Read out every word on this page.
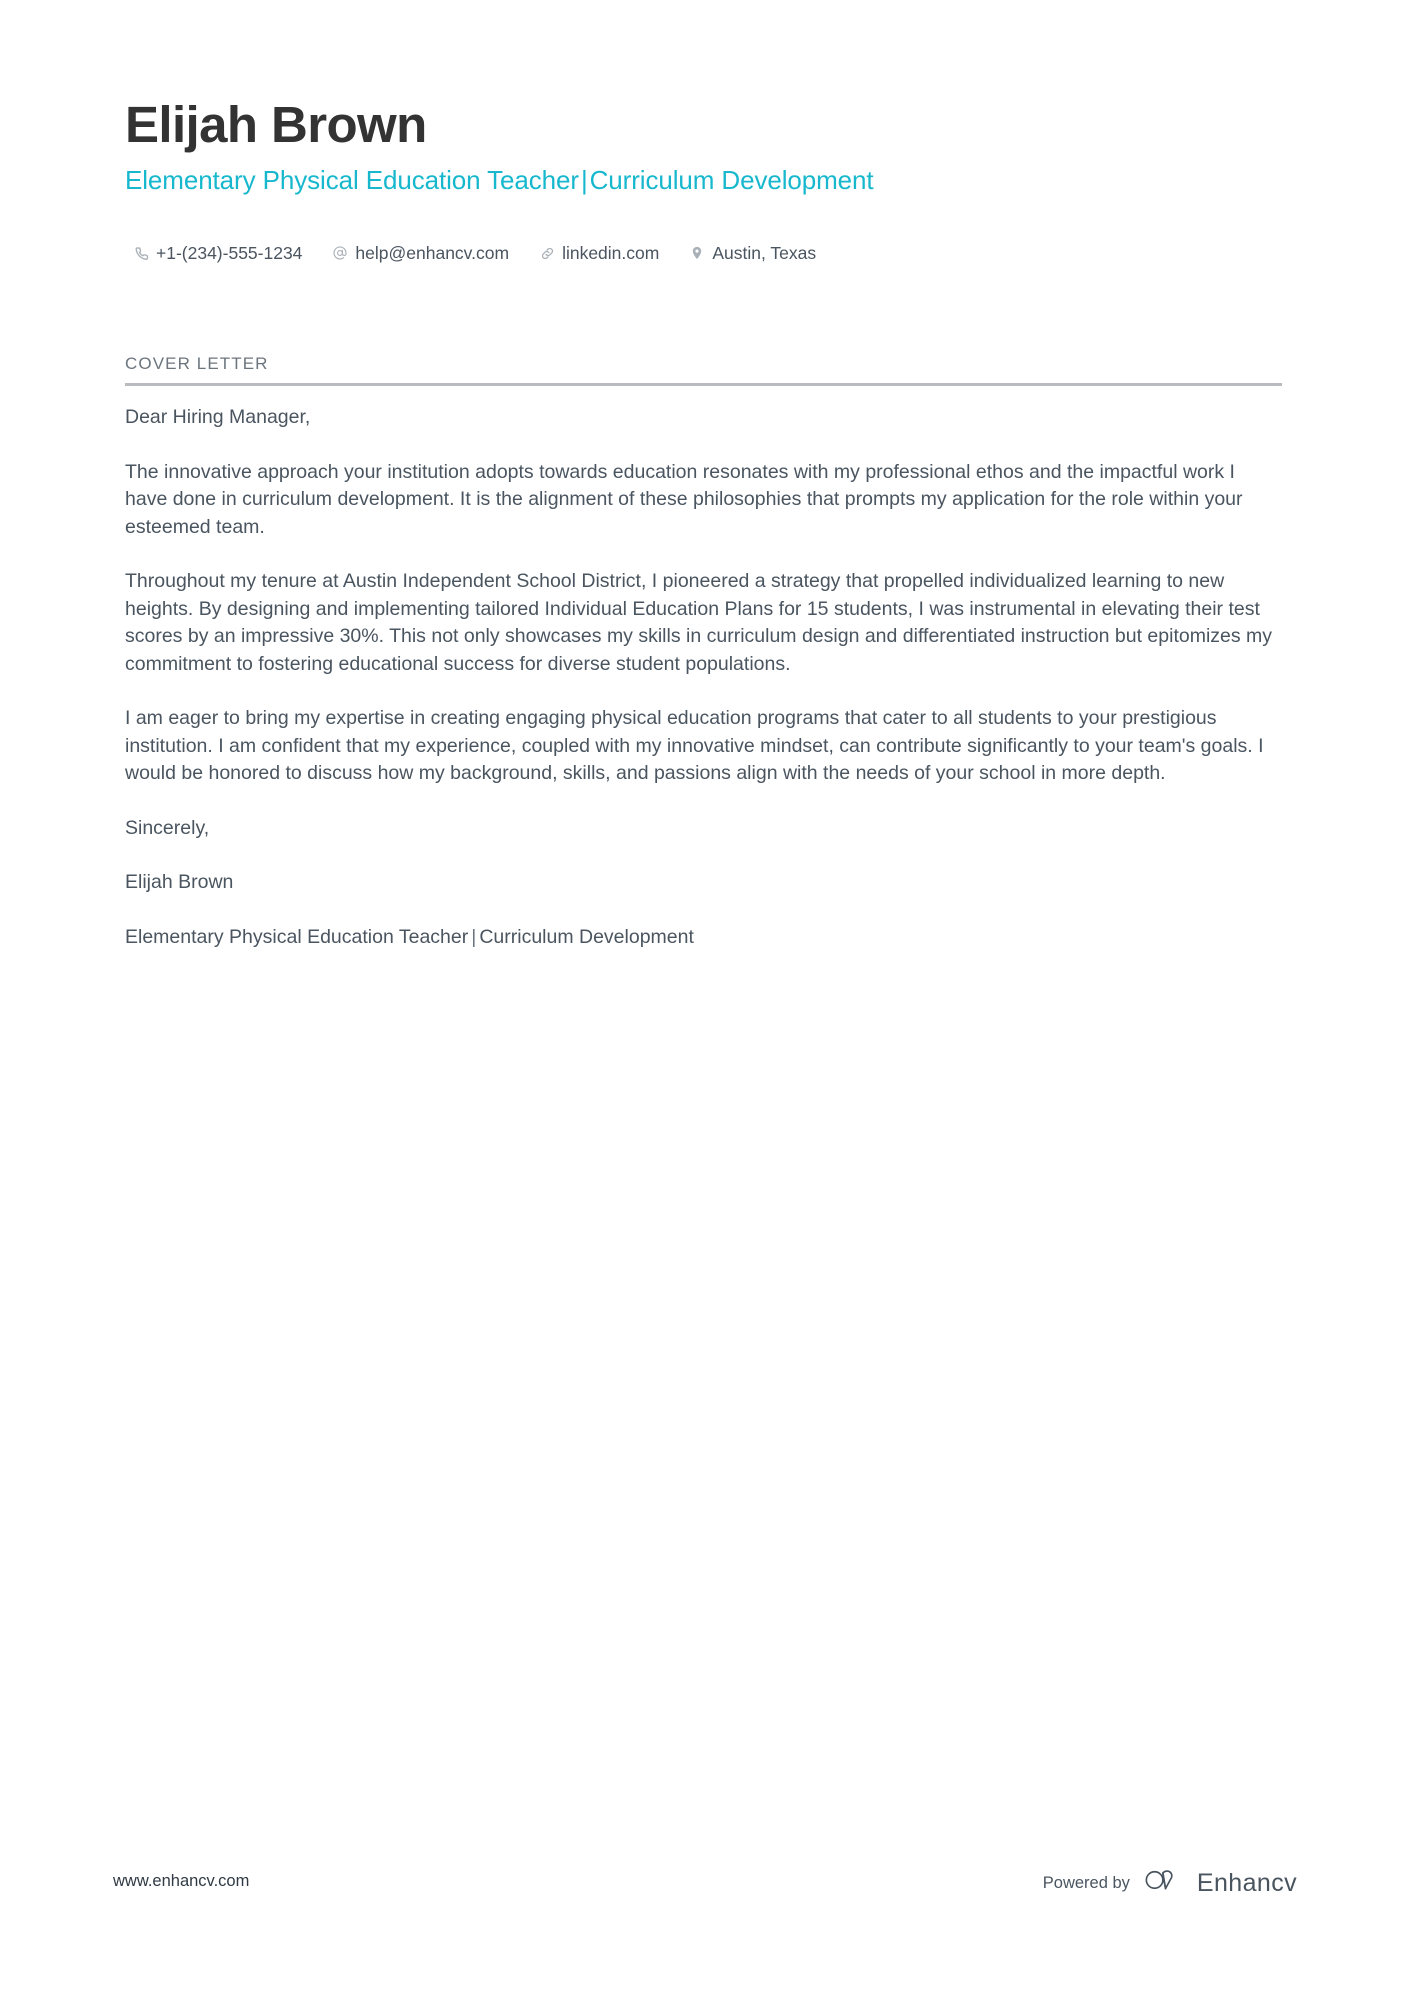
Elijah Brown
Elementary Physical Education Teacher|Curriculum Development
+1-(234)-555-1234	help@enhancv.com	linkedin.com	Austin, Texas
COVER LETTER

Dear Hiring Manager,

The innovative approach your institution adopts towards education resonates with my professional ethos and the impactful work I have done in curriculum development. It is the alignment of these philosophies that prompts my application for the role within your esteemed team.

Throughout my tenure at Austin Independent School District, I pioneered a strategy that propelled individualized learning to new heights. By designing and implementing tailored Individual Education Plans for 15 students, I was instrumental in elevating their test scores by an impressive 30%. This not only showcases my skills in curriculum design and differentiated instruction but epitomizes my commitment to fostering educational success for diverse student populations.

I am eager to bring my expertise in creating engaging physical education programs that cater to all students to your prestigious institution. I am confident that my experience, coupled with my innovative mindset, can contribute significantly to your team's goals. I would be honored to discuss how my background, skills, and passions align with the needs of your school in more depth.

Sincerely,

Elijah Brown

Elementary Physical Education Teacher | Curriculum Development

www.enhancv.com	Powered by	Enhancv
